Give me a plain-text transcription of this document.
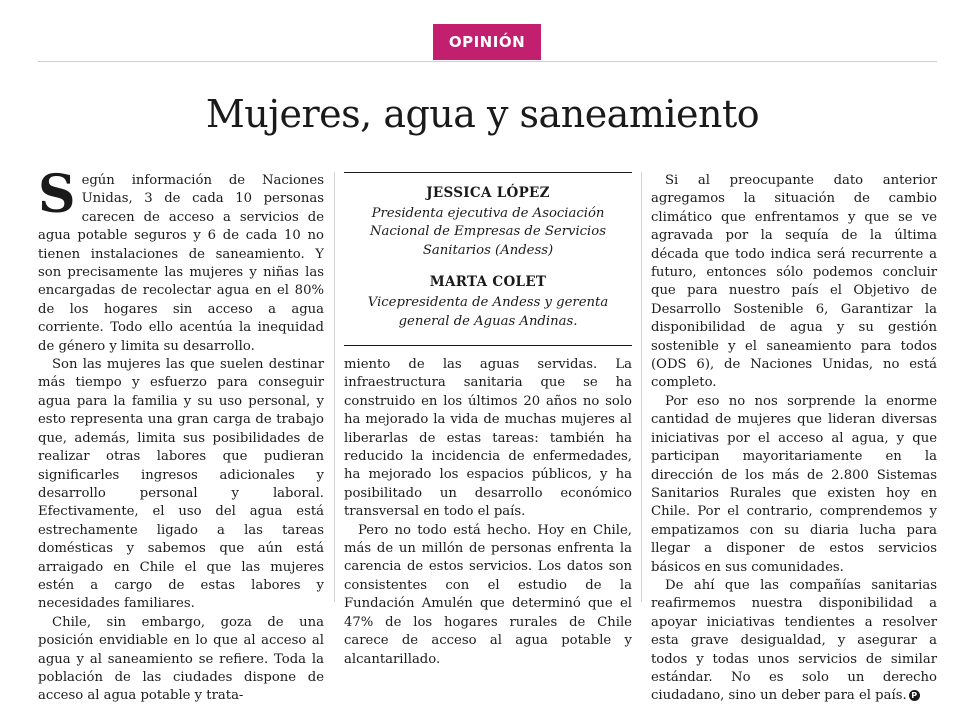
OPINIÓN
Mujeres, agua y saneamiento

Según información de Naciones Unidas, 3 de cada 10 personas carecen de acceso a servicios de agua potable seguros y 6 de cada 10 no tienen instalaciones de saneamiento. Y son precisamente las mujeres y niñas las encargadas de recolectar agua en el 80% de los hogares sin acceso a agua corriente. Todo ello acentúa la inequidad de género y limita su desarrollo.

Son las mujeres las que suelen destinar más tiempo y esfuerzo para conseguir agua para la familia y su uso personal, y esto representa una gran carga de trabajo que, además, limita sus posibilidades de realizar otras labores que pudieran significarles ingresos adicionales y desarrollo personal y laboral. Efectivamente, el uso del agua está estrechamente ligado a las tareas domésticas y sabemos que aún está arraigado en Chile el que las mujeres estén a cargo de estas labores y necesidades familiares.

Chile, sin embargo, goza de una posición envidiable en lo que al acceso al agua y al saneamiento se refiere. Toda la población de las ciudades dispone de acceso al agua potable y trata-

JESSICA LÓPEZ

Presidenta ejecutiva de Asociación Nacional de Empresas de Servicios Sanitarios (Andess)

MARTA COLET

Vicepresidenta de Andess y gerenta general de Aguas Andinas.

miento de las aguas servidas. La infraestructura sanitaria que se ha construido en los últimos 20 años no solo ha mejorado la vida de muchas mujeres al liberarlas de estas tareas: también ha reducido la incidencia de enfermedades, ha mejorado los espacios públicos, y ha posibilitado un desarrollo económico transversal en todo el país.

Pero no todo está hecho. Hoy en Chile, más de un millón de personas enfrenta la carencia de estos servicios. Los datos son consistentes con el estudio de la Fundación Amulén que determinó que el 47% de los hogares rurales de Chile carece de acceso al agua potable y alcantarillado.

Si al preocupante dato anterior agregamos la situación de cambio climático que enfrentamos y que se ve agravada por la sequía de la última década que todo indica será recurrente a futuro, entonces sólo podemos concluir que para nuestro país el Objetivo de Desarrollo Sostenible 6, Garantizar la disponibilidad de agua y su gestión sostenible y el saneamiento para todos (ODS 6), de Naciones Unidas, no está completo.

Por eso no nos sorprende la enorme cantidad de mujeres que lideran diversas iniciativas por el acceso al agua, y que participan mayoritariamente en la dirección de los más de 2.800 Sistemas Sanitarios Rurales que existen hoy en Chile. Por el contrario, comprendemos y empatizamos con su diaria lucha para llegar a disponer de estos servicios básicos en sus comunidades.

De ahí que las compañías sanitarias reafirmemos nuestra disponibilidad a apoyar iniciativas tendientes a resolver esta grave desigualdad, y asegurar a todos y todas unos servicios de similar estándar. No es solo un derecho ciudadano, sino un deber para el país. P
